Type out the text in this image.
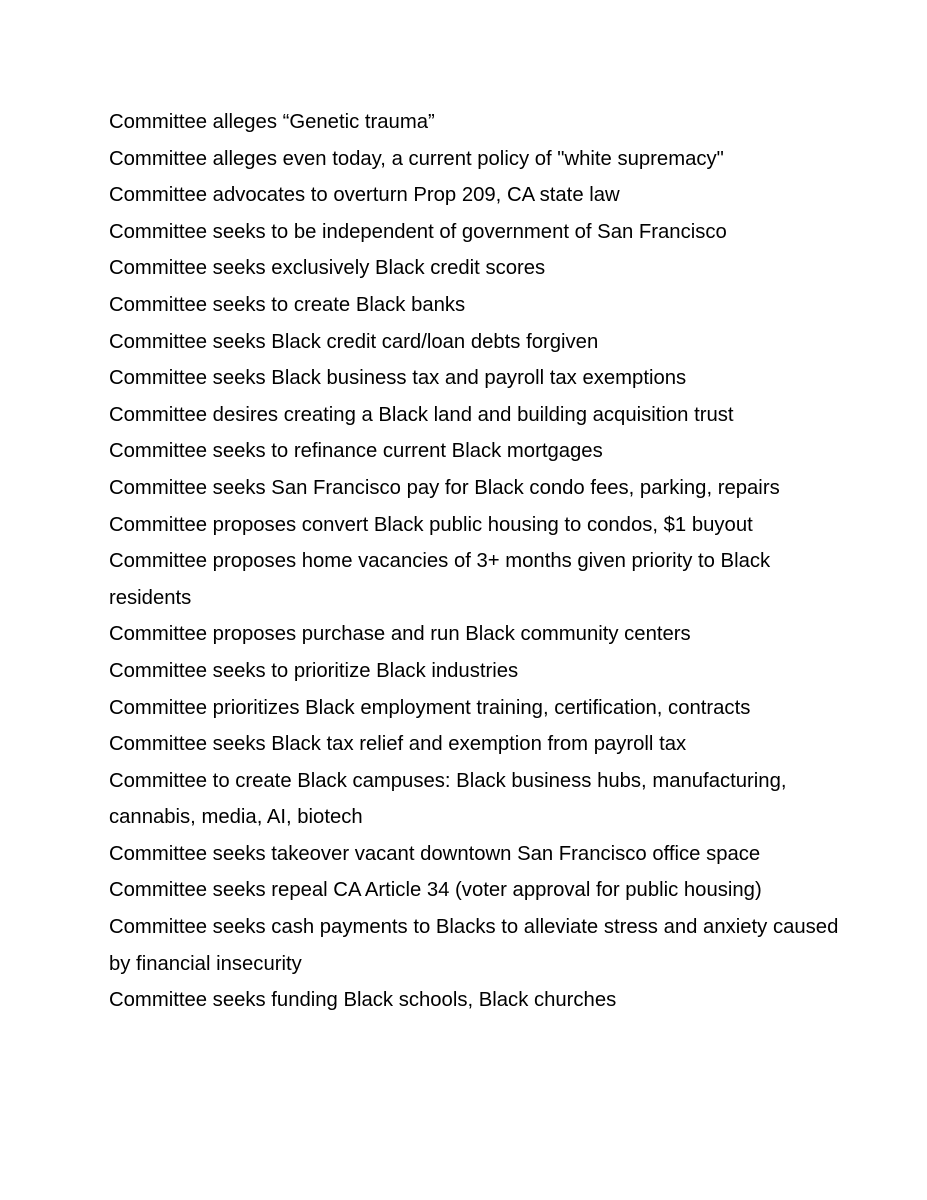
Committee alleges “Genetic trauma”
Committee alleges even today, a current policy of "white supremacy"
Committee advocates to overturn Prop 209, CA state law
Committee seeks to be independent of government of San Francisco
Committee seeks exclusively Black credit scores
Committee seeks to create Black banks
Committee seeks Black credit card/loan debts forgiven
Committee seeks Black business tax and payroll tax exemptions
Committee desires creating a Black land and building acquisition trust
Committee seeks to refinance current Black mortgages
Committee seeks San Francisco pay for Black condo fees, parking, repairs
Committee proposes convert Black public housing to condos, $1 buyout
Committee proposes home vacancies of 3+ months given priority to Black residents
Committee proposes purchase and run Black community centers
Committee seeks to prioritize Black industries
Committee prioritizes Black employment training, certification, contracts
Committee seeks Black tax relief and exemption from payroll tax
Committee to create Black campuses: Black business hubs, manufacturing, cannabis, media, AI, biotech
Committee seeks takeover vacant downtown San Francisco office space
Committee seeks repeal CA Article 34 (voter approval for public housing)
Committee seeks cash payments to Blacks to alleviate stress and anxiety caused by financial insecurity
Committee seeks funding Black schools, Black churches
